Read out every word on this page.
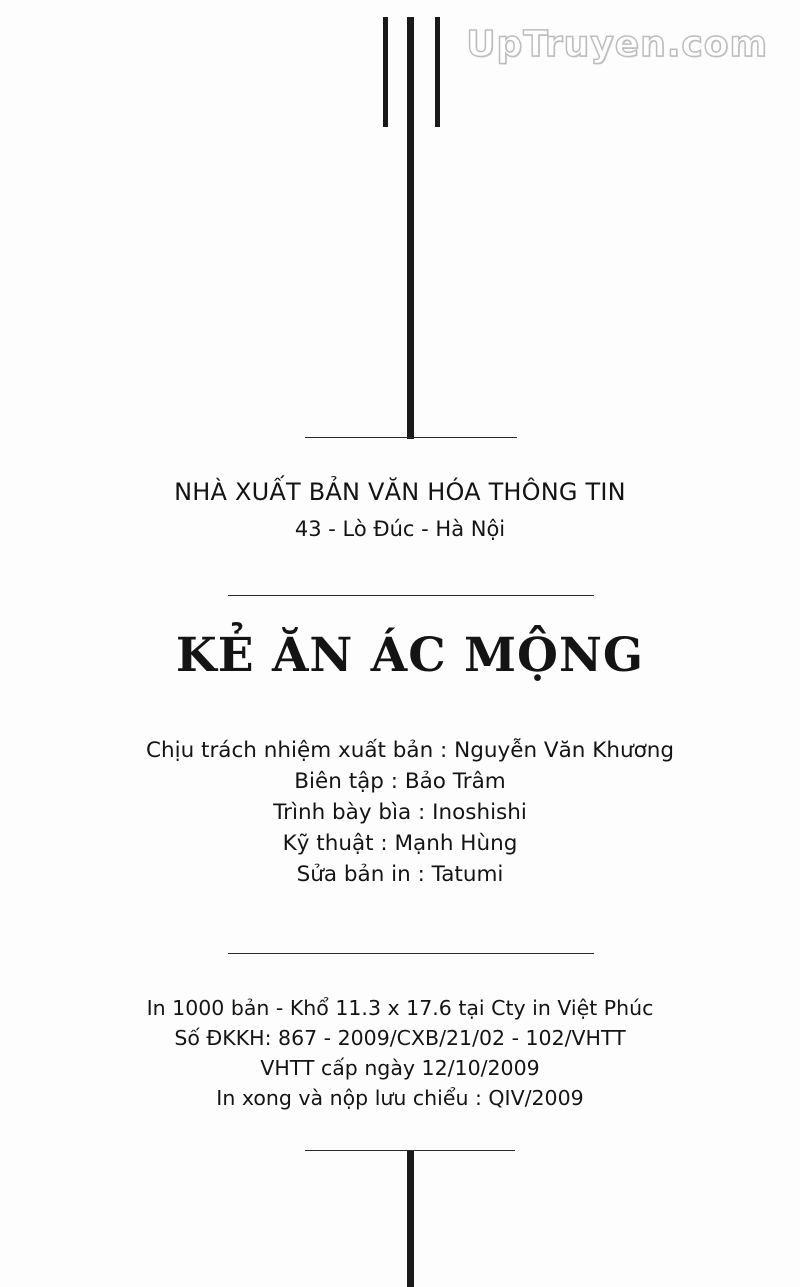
UpTruyen.com
NHÀ XUẤT BẢN VĂN HÓA THÔNG TIN
43 - Lò Đúc - Hà Nội
KẺ ĂN ÁC MỘNG
Chịu trách nhiệm xuất bản : Nguyễn Văn Khương
Biên tập : Bảo Trâm
Trình bày bìa : Inoshishi
Kỹ thuật : Mạnh Hùng
Sửa bản in : Tatumi
In 1000 bản - Khổ 11.3 x 17.6 tại Cty in Việt Phúc
Số ĐKKH: 867 - 2009/CXB/21/02 - 102/VHTT
VHTT cấp ngày 12/10/2009
In xong và nộp lưu chiểu : QIV/2009
